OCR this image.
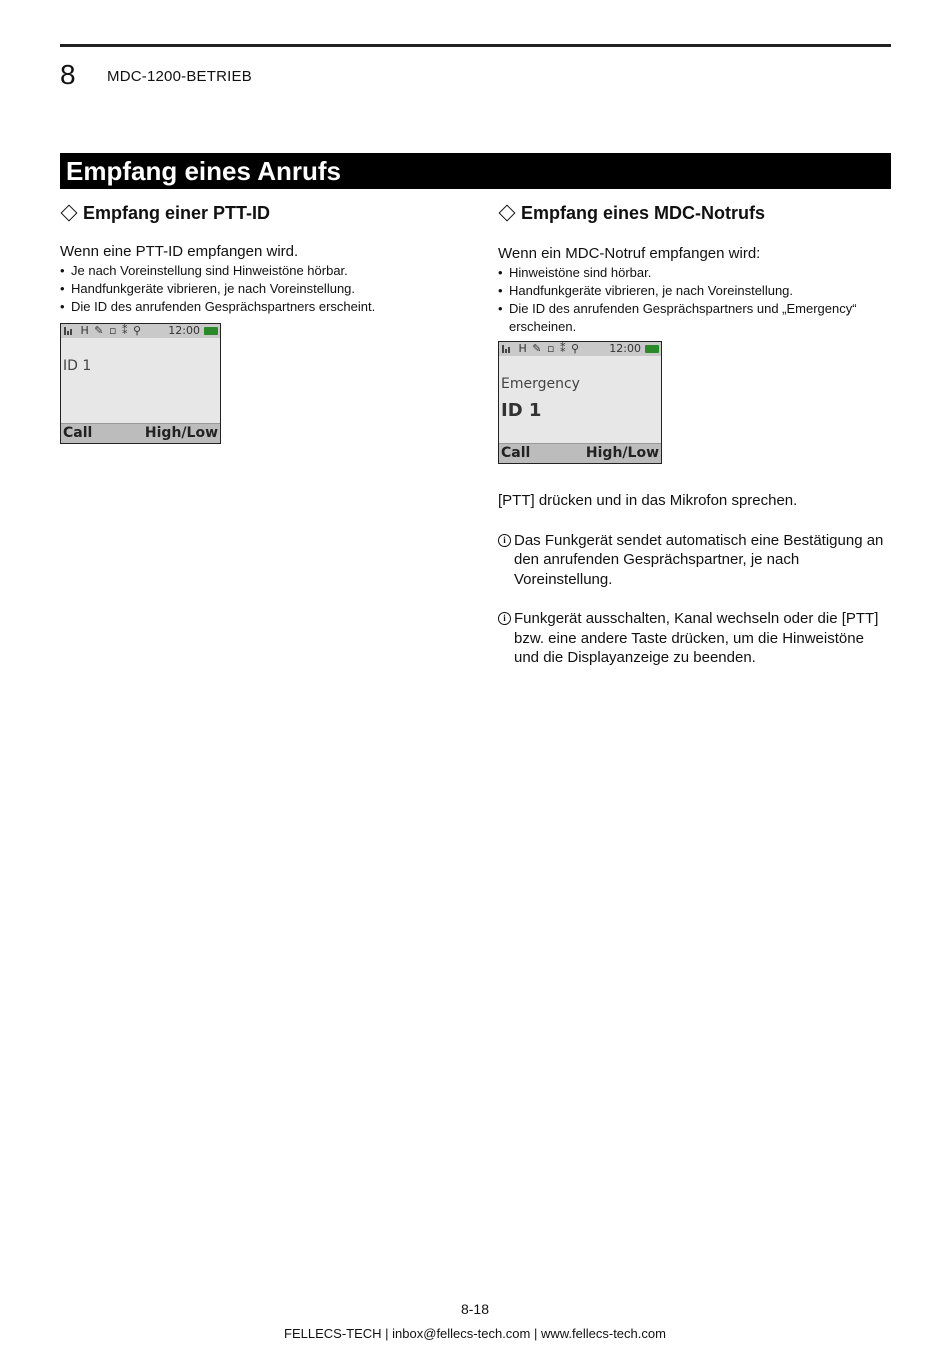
8 MDC-1200-BETRIEB
Empfang eines Anrufs
Empfang einer PTT-ID
Wenn eine PTT-ID empfangen wird.
• Je nach Voreinstellung sind Hinweistöne hörbar.
• Handfunkgeräte vibrieren, je nach Voreinstellung.
• Die ID des anrufenden Gesprächspartners erscheint.
H ✎ ▫ ⁑ ⚲ 12:00
ID 1
Call	High/Low
Empfang eines MDC-Notrufs
Wenn ein MDC-Notruf empfangen wird:
• Hinweistöne sind hörbar.
• Handfunkgeräte vibrieren, je nach Voreinstellung.
• Die ID des anrufenden Gesprächspartners und „Emergency“ erscheinen.
H ✎ ▫ ⁑ ⚲	12:00
Emergency
ID 1
Call	High/Low
[PTT] drücken und in das Mikrofon sprechen.
i Das Funkgerät sendet automatisch eine Bestätigung an den anrufenden Gesprächspartner, je nach Voreinstellung.
i Funkgerät ausschalten, Kanal wechseln oder die [PTT] bzw. eine andere Taste drücken, um die Hinweistöne und die Displayanzeige zu beenden.
8-18
FELLECS-TECH | inbox@fellecs-tech.com | www.fellecs-tech.com
